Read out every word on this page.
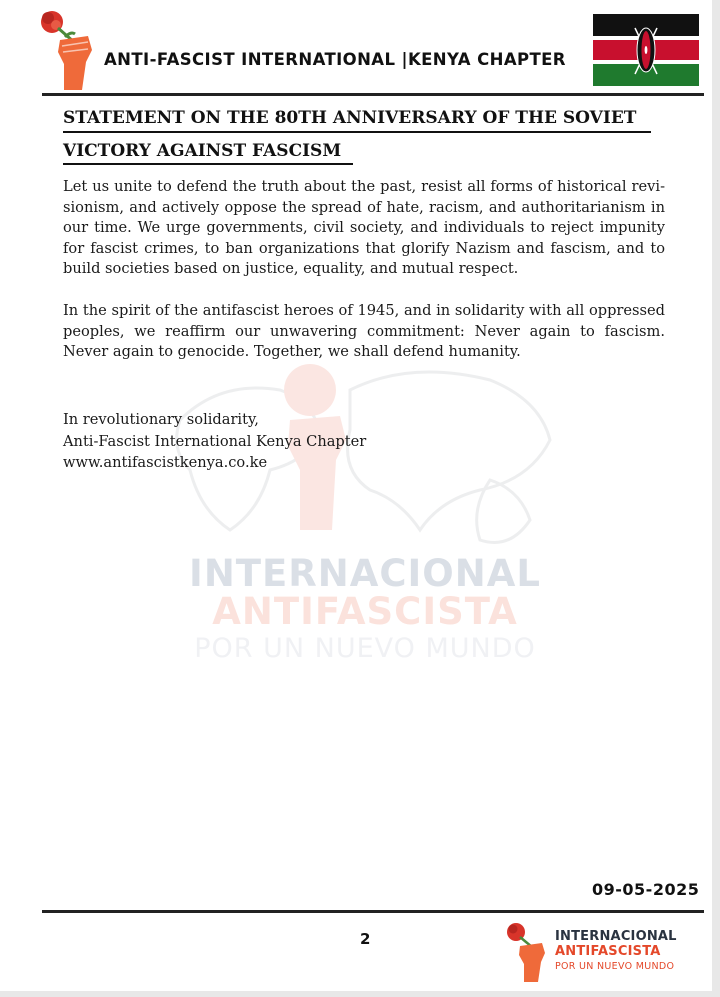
ANTI-FASCIST INTERNATIONAL |KENYA CHAPTER
INTERNACIONAL
ANTIFASCISTA
POR UN NUEVO MUNDO
STATEMENT ON THE 80TH ANNIVERSARY OF THE SOVIET
VICTORY AGAINST FASCISM
Let us unite to defend the truth about the past, resist all forms of historical revi-sionism, and actively oppose the spread of hate, racism, and authoritarianism in our time. We urge governments, civil society, and individuals to reject impunity for fascist crimes, to ban organizations that glorify Nazism and fascism, and to build societies based on justice, equality, and mutual respect.
In the spirit of the antifascist heroes of 1945, and in solidarity with all oppressed peoples, we reaffirm our unwavering commitment: Never again to fascism. Never again to genocide. Together, we shall defend humanity.
In revolutionary solidarity,
Anti-Fascist International Kenya Chapter
www.antifascistkenya.co.ke
09-05-2025
2	INTERNACIONAL
ANTIFASCISTA
POR UN NUEVO MUNDO
